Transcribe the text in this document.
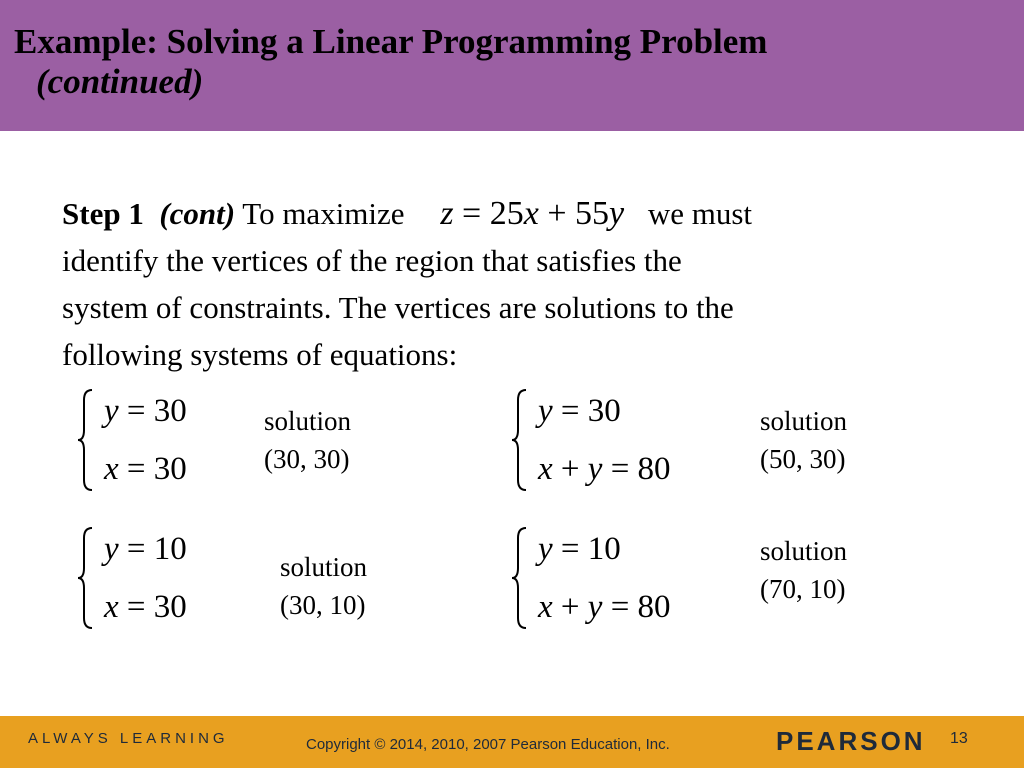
Example: Solving a Linear Programming Problem
(continued)
Step 1 (cont) To maximize z = 25x + 55y we must
identify the vertices of the region that satisfies the
system of constraints. The vertices are solutions to the
following systems of equations:
y = 30
x = 30
solution
(30, 30)
y = 30
x + y = 80
solution
(50, 30)
y = 10
x = 30
solution
(30, 10)
y = 10
x + y = 80
solution
(70, 10)
ALWAYS LEARNING	Copyright © 2014, 2010, 2007 Pearson Education, Inc.	PEARSON 13
